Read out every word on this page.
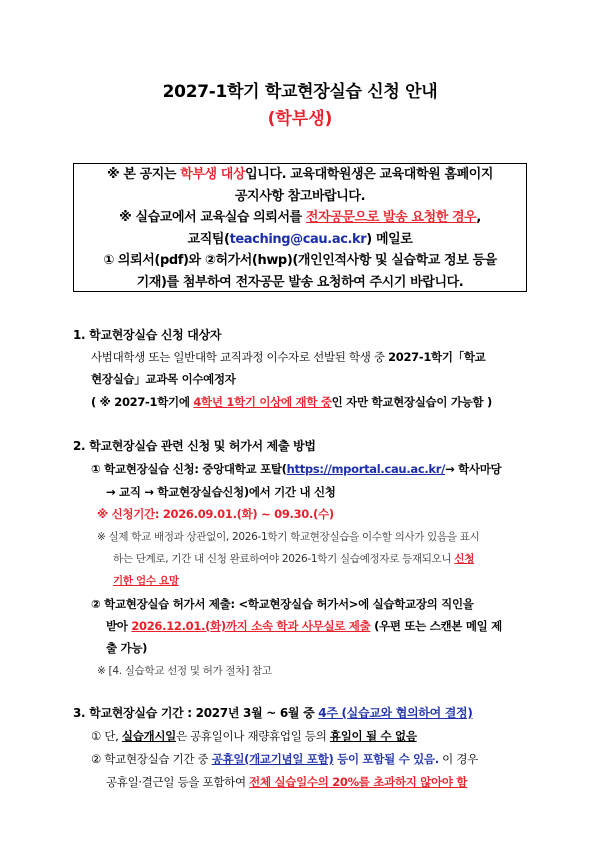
2027-1학기 학교현장실습 신청 안내
(학부생)
※ 본 공지는 학부생 대상입니다. 교육대학원생은 교육대학원 홈페이지
공지사항 참고바랍니다.
※ 실습교에서 교육실습 의뢰서를 전자공문으로 발송 요청한 경우,
교직팀(teaching@cau.ac.kr) 메일로
① 의뢰서(pdf)와 ②허가서(hwp)(개인인적사항 및 실습학교 정보 등을
기재)를 첨부하여 전자공문 발송 요청하여 주시기 바랍니다.
1. 학교현장실습 신청 대상자
사범대학생 또는 일반대학 교직과정 이수자로 선발된 학생 중 2027-1학기「학교
현장실습」교과목 이수예정자
( ※ 2027-1학기에 4학년 1학기 이상에 재학 중인 자만 학교현장실습이 가능함 )
2. 학교현장실습 관련 신청 및 허가서 제출 방법
① 학교현장실습 신청: 중앙대학교 포탈(https://mportal.cau.ac.kr/→ 학사마당
→ 교직 → 학교현장실습신청)에서 기간 내 신청
※ 신청기간: 2026.09.01.(화) ~ 09.30.(수)
※ 실제 학교 배정과 상관없이, 2026-1학기 학교현장실습을 이수할 의사가 있음을 표시
하는 단계로, 기간 내 신청 완료하여야 2026-1학기 실습예정자로 등재되오니 신청
기한 엄수 요망
② 학교현장실습 허가서 제출: <학교현장실습 허가서>에 실습학교장의 직인을
받아 2026.12.01.(화)까지 소속 학과 사무실로 제출 (우편 또는 스캔본 메일 제
출 가능)
※ [4. 실습학교 선정 및 허가 절차] 참고
3. 학교현장실습 기간 : 2027년 3월 ~ 6월 중 4주 (실습교와 협의하여 결정)
① 단, 실습개시일은 공휴일이나 재량휴업일 등의 휴일이 될 수 없음
② 학교현장실습 기간 중 공휴일(개교기념일 포함) 등이 포함될 수 있음. 이 경우
공휴일·결근일 등을 포함하여 전체 실습일수의 20%를 초과하지 않아야 함
